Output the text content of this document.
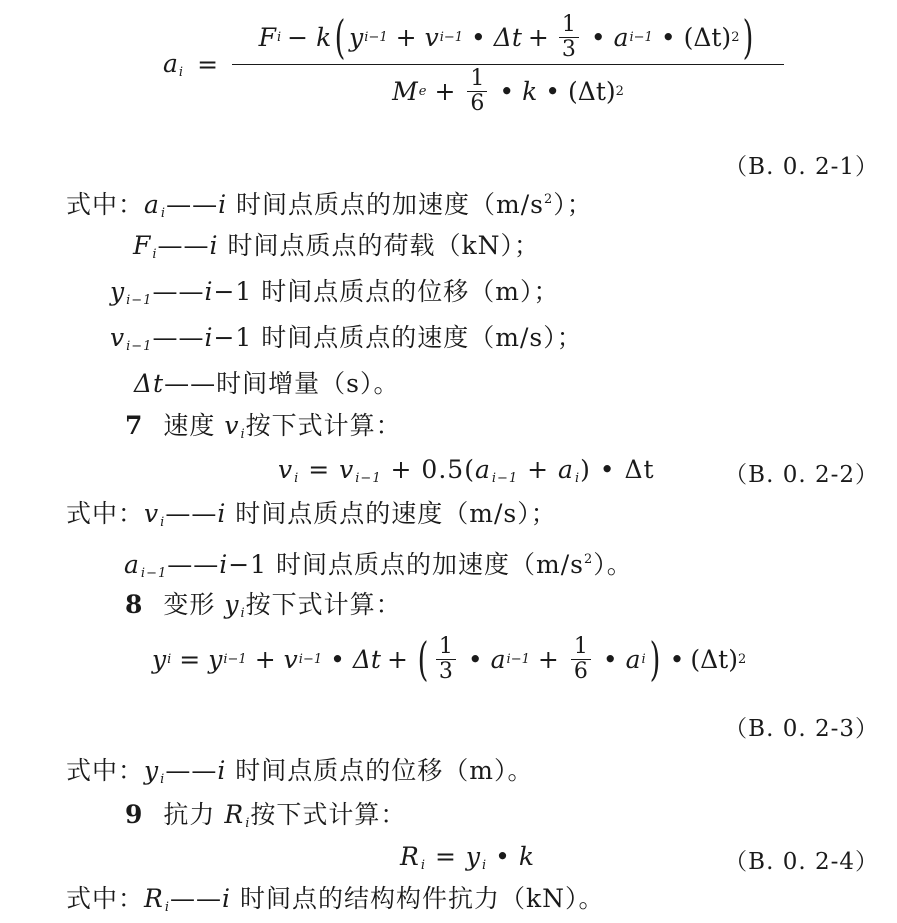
$a_i$ =
F i − k ( y i−1 + v i−1 • $\Delta t + \frac{1}{3}$ • a i−1 • (Δt) 2 )
M $e + \frac{1}{6}$ • k • (Δt) 2
（B. 0. 2-1）
式中：$a_i——i$ 时间点质点的加速度$(m/s^2)$；
$F_i——i$ 时间点质点的荷载（kN）；
$y_{i-1}——i-1$ 时间点质点的位移（m）；
$v_{i-1}——i-1$ 时间点质点的速度（m/s）；
Δt——时间增量（s）。
7 速度 $v_i$按下式计算：
$v_i = v_{i-1} + 0.5(a_{i-1} + a_i)$ • Δt	（B. 0. 2-2）
式中：$v_i——i$ 时间点质点的速度（m/s）；
$a_{i-1}——i-1$ 时间点质点的加速度$(m/s^2)$。
8 变形 $y_i$按下式计算：
y i = y i−1 + v i−1 • Δt + ( 1
3 • a $i-1 + \frac{1}{6}$ • a i ) • (Δt) 2
（B. 0. 2-3）
式中：$y_i——i$ 时间点质点的位移（m）。
9 抗力 $R_i$按下式计算：
$R_i = y_i$ • k	（B. 0. 2-4）
式中：$R_i——i$ 时间点的结构构件抗力（kN）。
